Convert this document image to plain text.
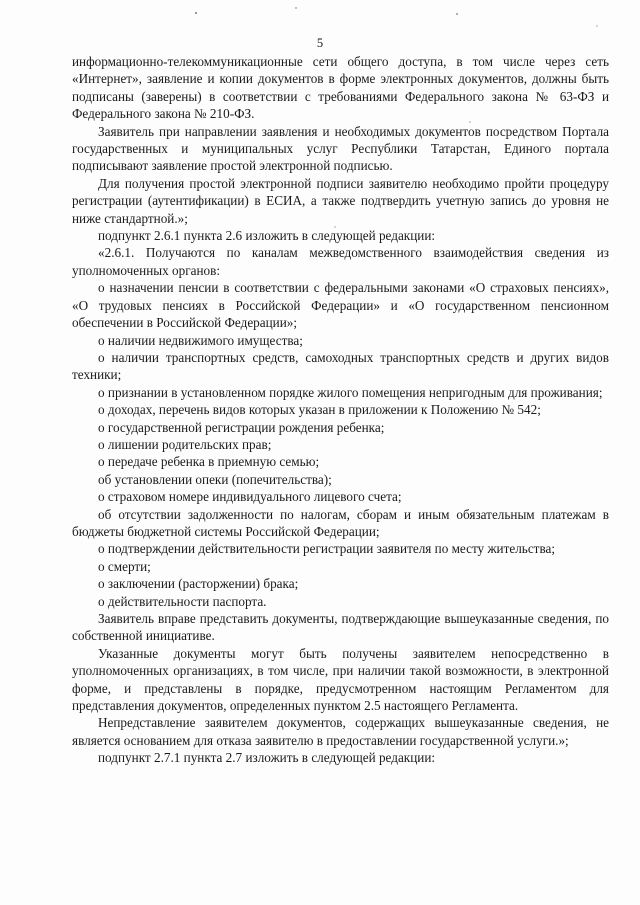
5

информационно-телекоммуникационные сети общего доступа, в том числе через сеть «Интернет», заявление и копии документов в форме электронных документов, должны быть подписаны (заверены) в соответствии с требованиями Федерального закона № 63-ФЗ и Федерального закона № 210-ФЗ.

Заявитель при направлении заявления и необходимых документов посредством Портала государственных и муниципальных услуг Республики Татарстан, Единого портала подписывают заявление простой электронной подписью.

Для получения простой электронной подписи заявителю необходимо пройти процедуру регистрации (аутентификации) в ЕСИА, а также подтвердить учетную запись до уровня не ниже стандартной.»;

подпункт 2.6.1 пункта 2.6 изложить в следующей редакции:

«2.6.1. Получаются по каналам межведомственного взаимодействия сведения из уполномоченных органов:

о назначении пенсии в соответствии с федеральными законами «О страховых пенсиях», «О трудовых пенсиях в Российской Федерации» и «О государственном пенсионном обеспечении в Российской Федерации»;

о наличии недвижимого имущества;

о наличии транспортных средств, самоходных транспортных средств и других видов техники;

о признании в установленном порядке жилого помещения непригодным для проживания;

о доходах, перечень видов которых указан в приложении к Положению № 542;

о государственной регистрации рождения ребенка;

о лишении родительских прав;

о передаче ребенка в приемную семью;

об установлении опеки (попечительства);

о страховом номере индивидуального лицевого счета;

об отсутствии задолженности по налогам, сборам и иным обязательным платежам в бюджеты бюджетной системы Российской Федерации;

о подтверждении действительности регистрации заявителя по месту жительства;

о смерти;

о заключении (расторжении) брака;

о действительности паспорта.

Заявитель вправе представить документы, подтверждающие вышеуказанные сведения, по собственной инициативе.

Указанные документы могут быть получены заявителем непосредственно в уполномоченных организациях, в том числе, при наличии такой возможности, в электронной форме, и представлены в порядке, предусмотренном настоящим Регламентом для представления документов, определенных пунктом 2.5 настоящего Регламента.

Непредставление заявителем документов, содержащих вышеуказанные сведения, не является основанием для отказа заявителю в предоставлении государственной услуги.»;

подпункт 2.7.1 пункта 2.7 изложить в следующей редакции:
